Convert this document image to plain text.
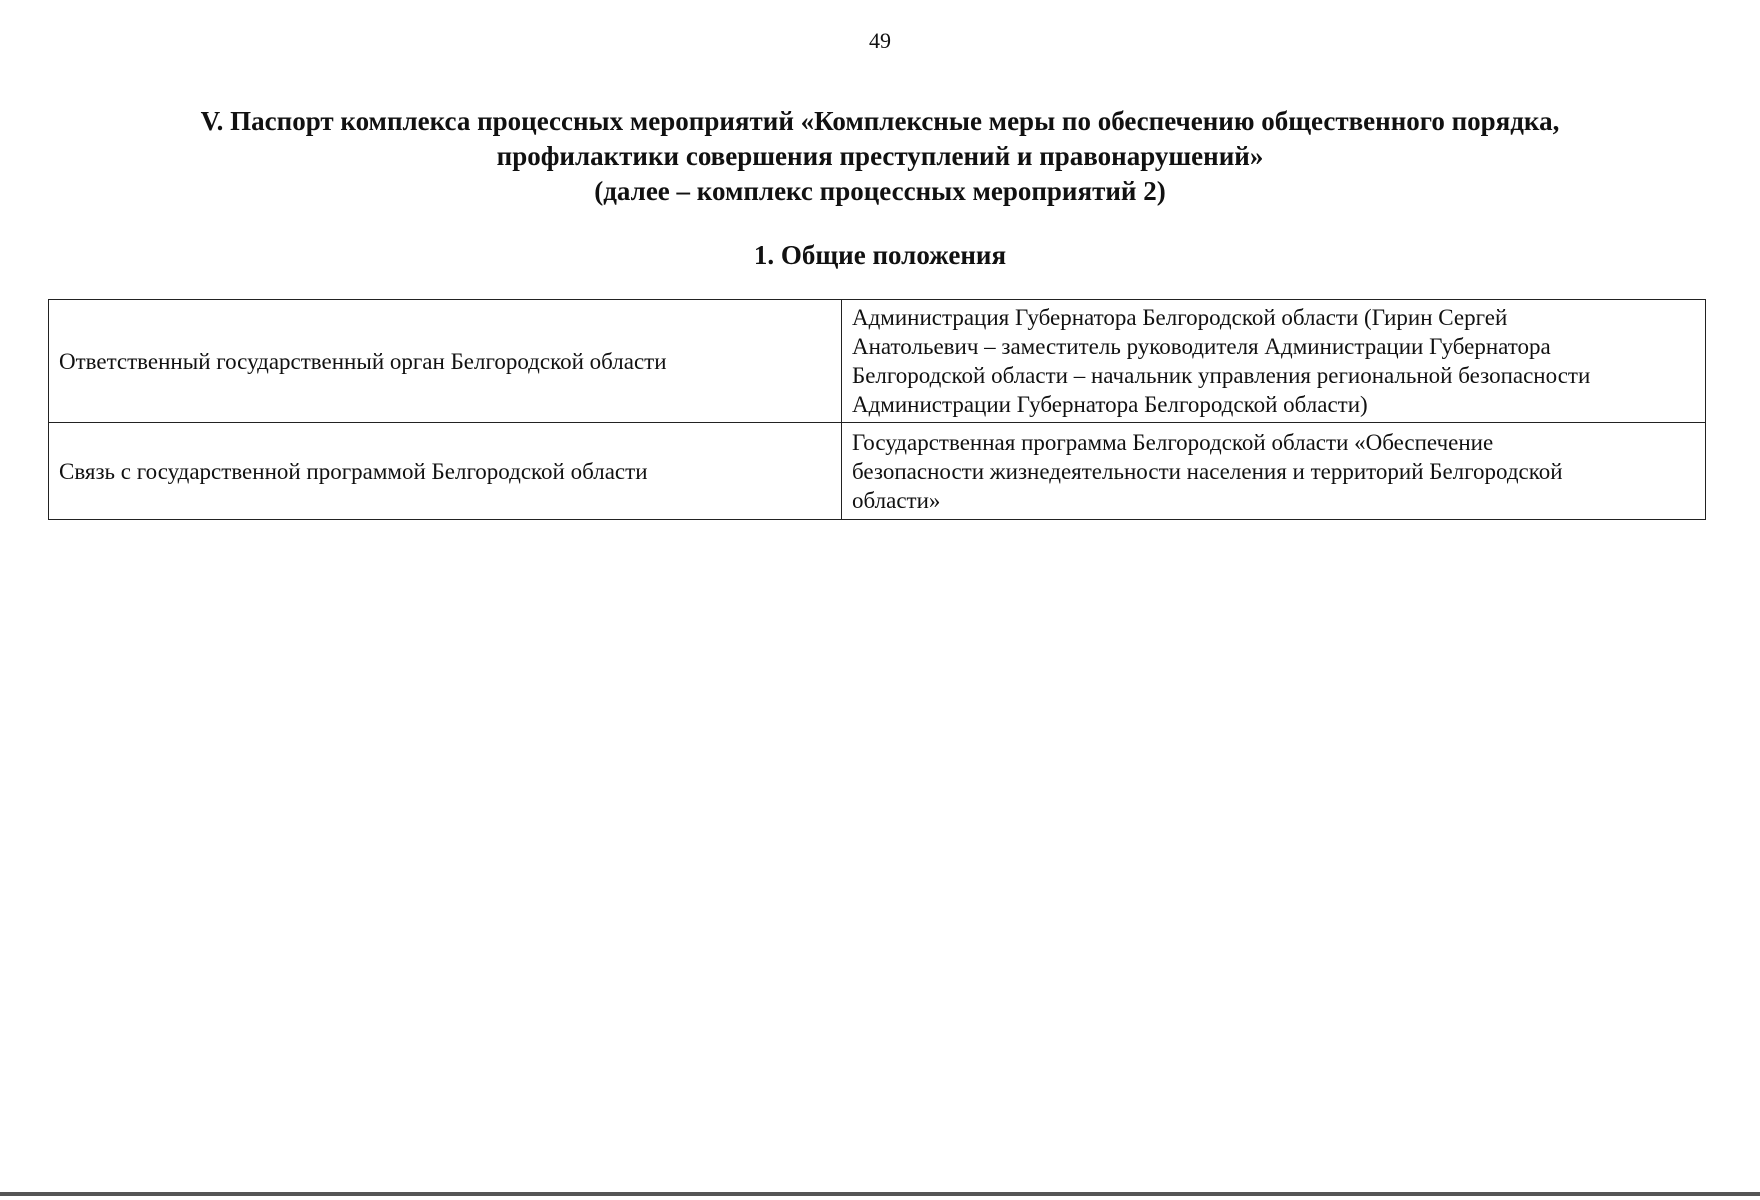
49
V. Паспорт комплекса процессных мероприятий «Комплексные меры по обеспечению общественного порядка,
профилактики совершения преступлений и правонарушений»
(далее – комплекс процессных мероприятий 2)
1. Общие положения
Ответственный государственный орган Белгородской области	Администрация Губернатора Белгородской области (Гирин Сергей
Анатольевич – заместитель руководителя Администрации Губернатора
Белгородской области – начальник управления региональной безопасности
Администрации Губернатора Белгородской области)

Связь с государственной программой Белгородской области	Государственная программа Белгородской области «Обеспечение
безопасности жизнедеятельности населения и территорий Белгородской
области»
